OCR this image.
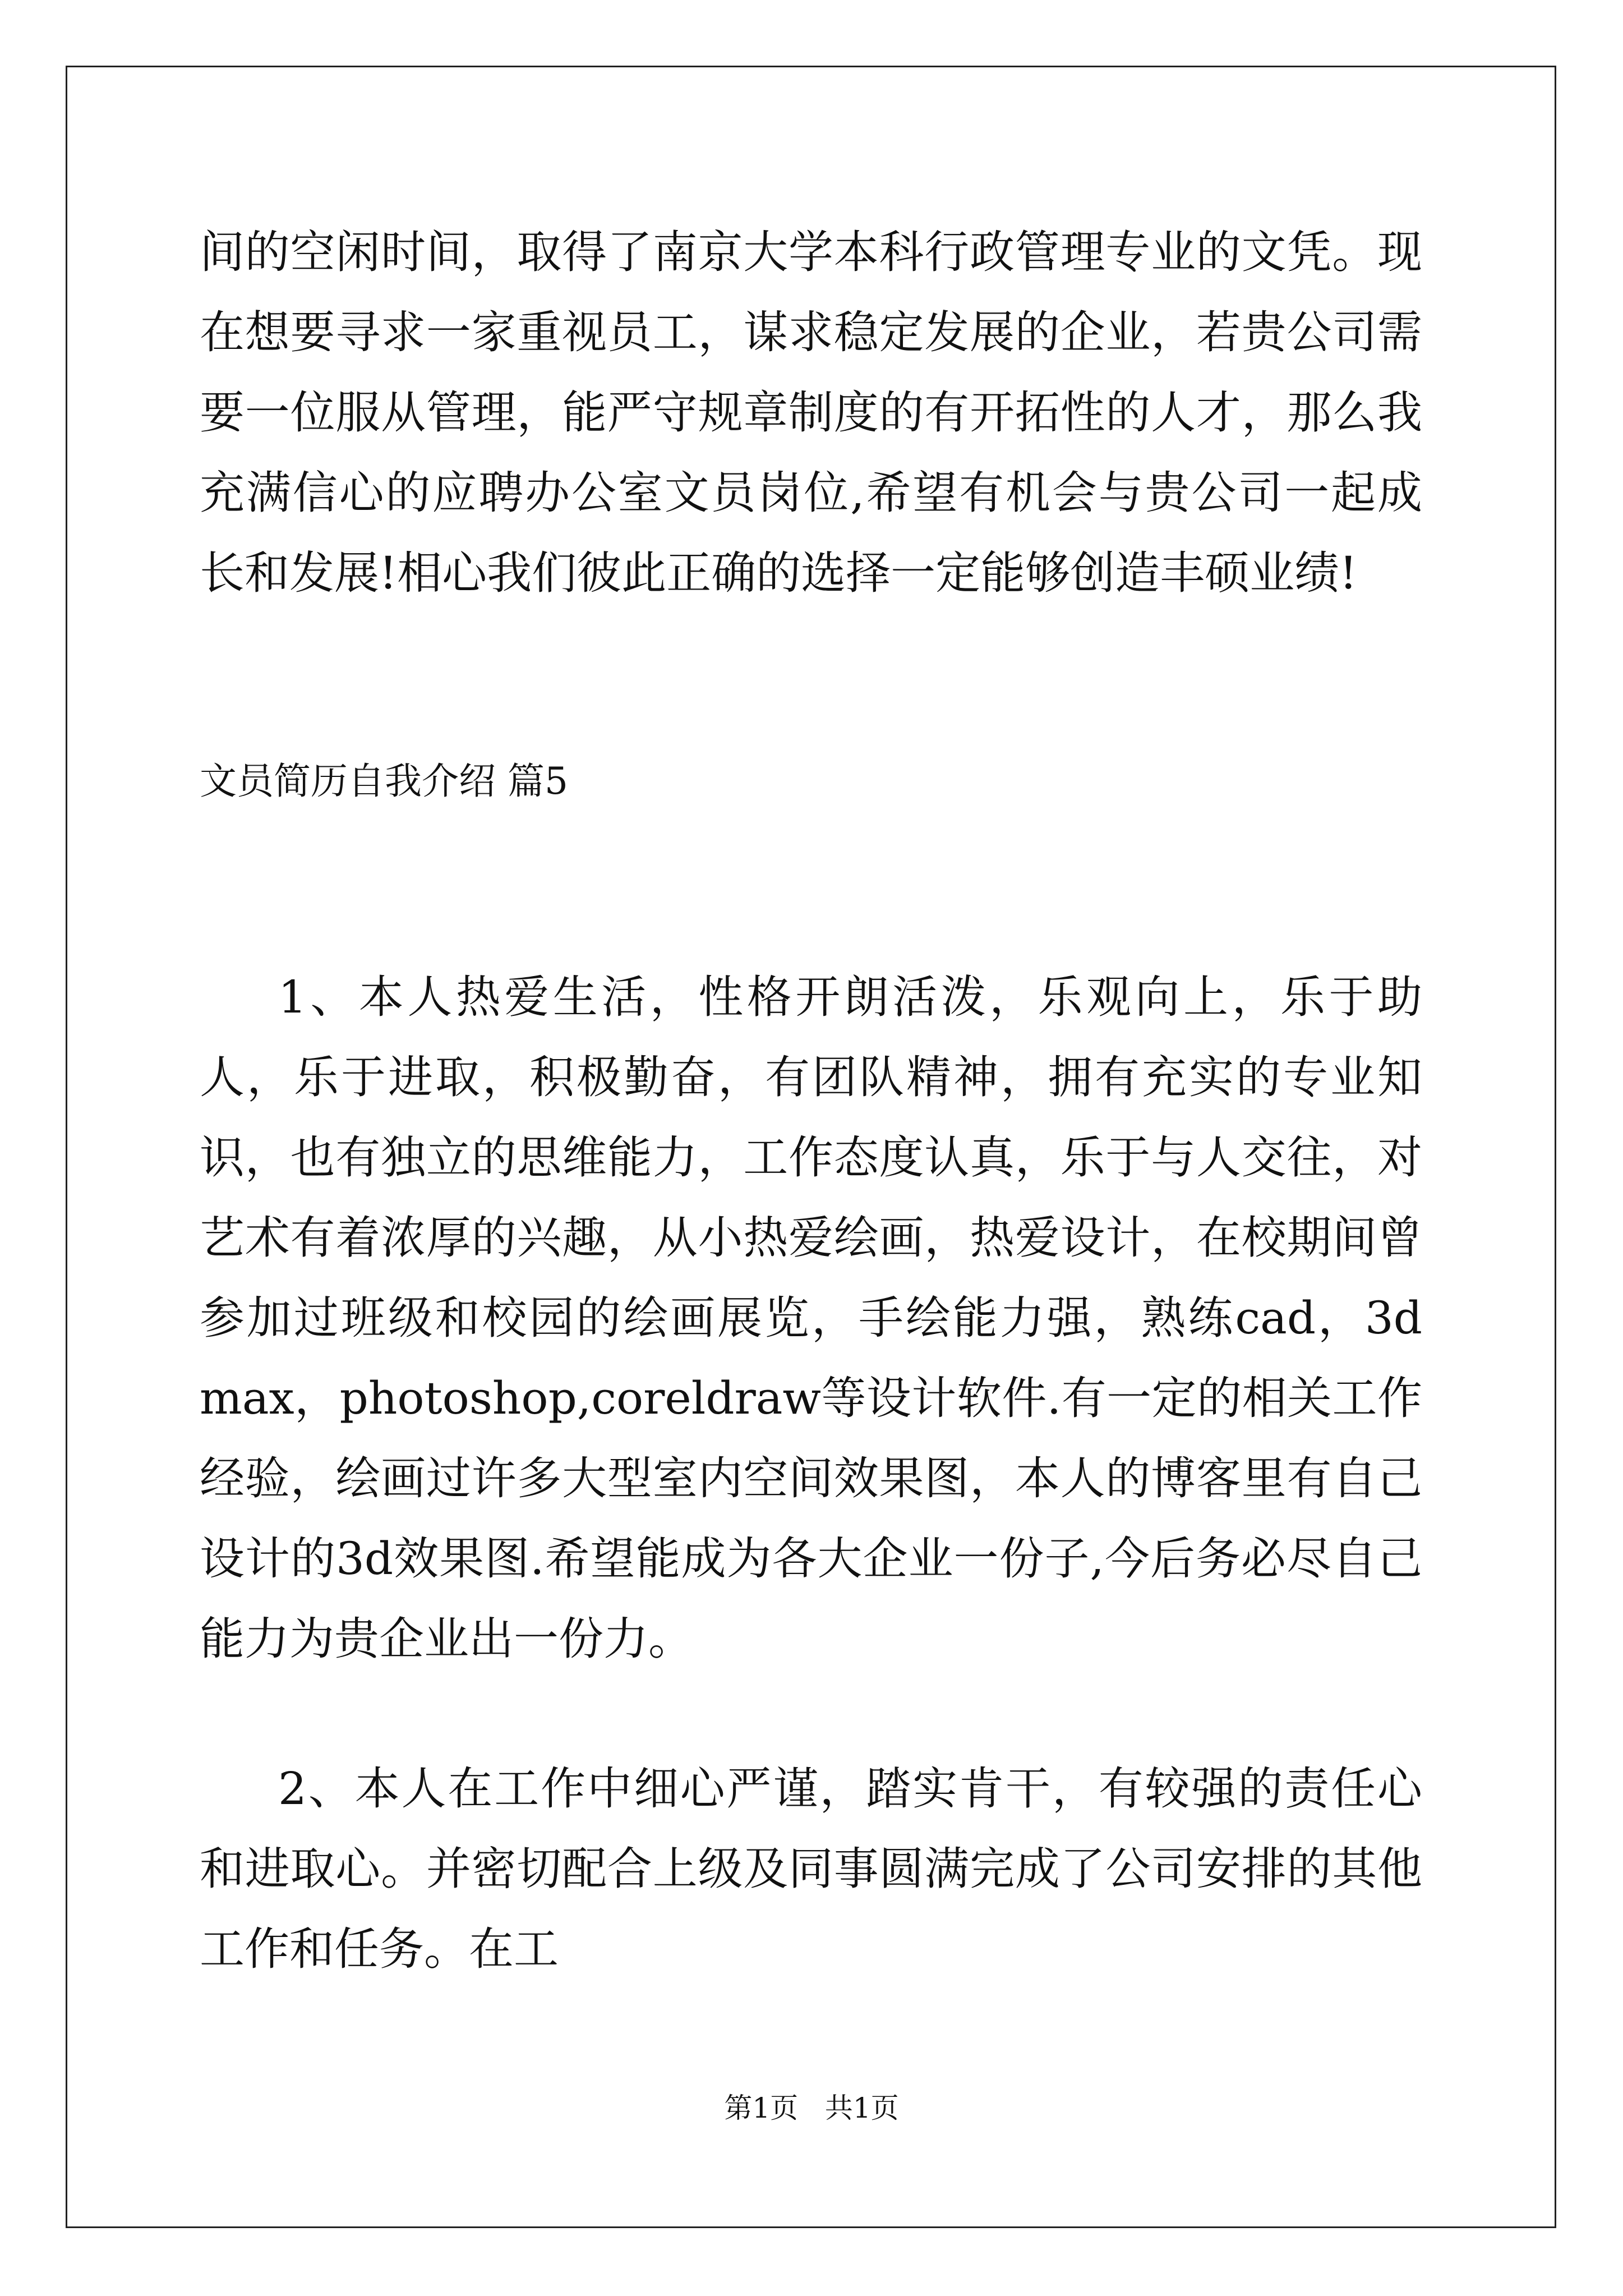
间的空闲时间，取得了南京大学本科行政管理专业的文凭。现在想要寻求一家重视员工，谋求稳定发展的企业，若贵公司需要一位服从管理，能严守规章制度的有开拓性的人才，那么我充满信心的应聘办公室文员岗位,希望有机会与贵公司一起成长和发展!相心我们彼此正确的选择一定能够创造丰硕业绩!

文员简历自我介绍 篇5

1、本人热爱生活，性格开朗活泼，乐观向上，乐于助人，乐于进取，积极勤奋，有团队精神，拥有充实的专业知识，也有独立的思维能力，工作态度认真，乐于与人交往，对艺术有着浓厚的兴趣，从小热爱绘画，热爱设计，在校期间曾参加过班级和校园的绘画展览，手绘能力强，熟练cad，3d max，photoshop,coreldraw等设计软件.有一定的相关工作经验，绘画过许多大型室内空间效果图，本人的博客里有自己设计的3d效果图.希望能成为各大企业一份子,今后务必尽自己能力为贵企业出一份力。

2、本人在工作中细心严谨，踏实肯干，有较强的责任心和进取心。并密切配合上级及同事圆满完成了公司安排的其他工作和任务。在工

第1页   共1页
